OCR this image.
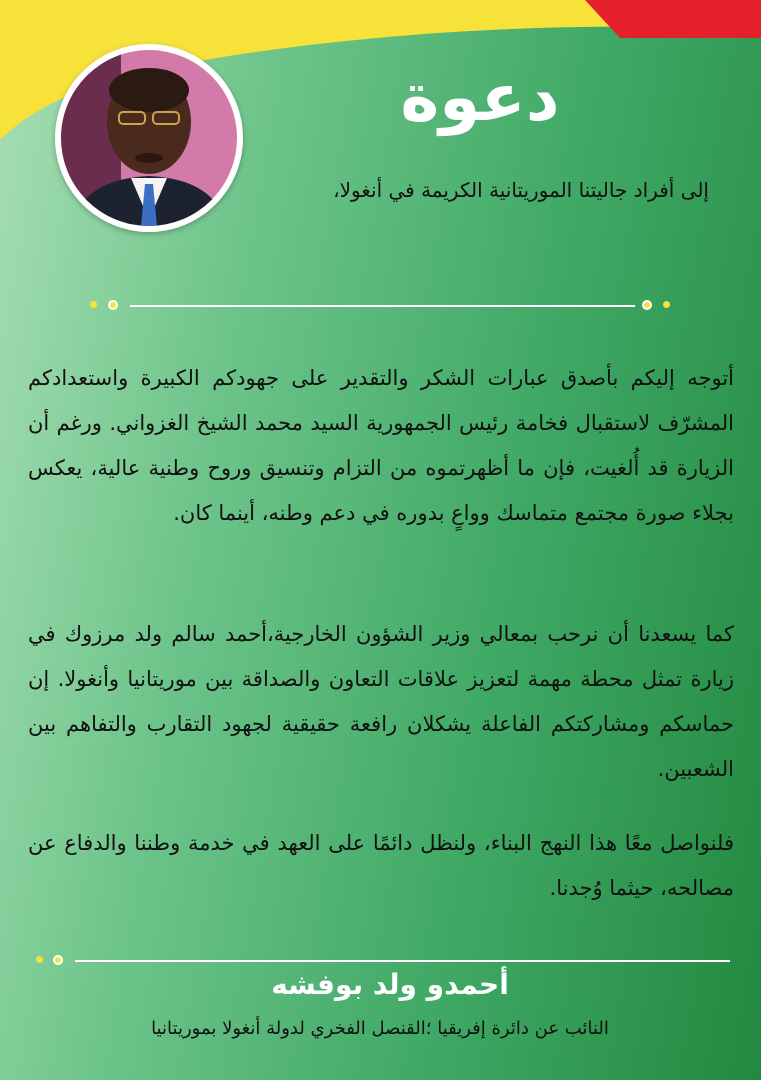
دعوة
إلى أفراد جاليتنا الموريتانية الكريمة في أنغولا،

أتوجه إليكم بأصدق عبارات الشكر والتقدير على جهودكم الكبيرة واستعدادكم المشرّف لاستقبال فخامة رئيس الجمهورية السيد محمد الشيخ الغزواني. ورغم أن الزيارة قد أُلغيت، فإن ما أظهرتموه من التزام وتنسيق وروح وطنية عالية، يعكس بجلاء صورة مجتمع متماسك وواعٍ بدوره في دعم وطنه، أينما كان.

كما يسعدنا أن نرحب بمعالي وزير الشؤون الخارجية،أحمد سالم ولد مرزوك في زيارة تمثل محطة مهمة لتعزيز علاقات التعاون والصداقة بين موريتانيا وأنغولا. إن حماسكم ومشاركتكم الفاعلة يشكلان رافعة حقيقية لجهود التقارب والتفاهم بين الشعبين.

فلنواصل معًا هذا النهج البناء، ولنظل دائمًا على العهد في خدمة وطننا والدفاع عن مصالحه، حيثما وُجدنا.

أحمدو ولد بوفشه
النائب عن دائرة إفريقيا ؛القنصل الفخري لدولة أنغولا بموريتانيا
